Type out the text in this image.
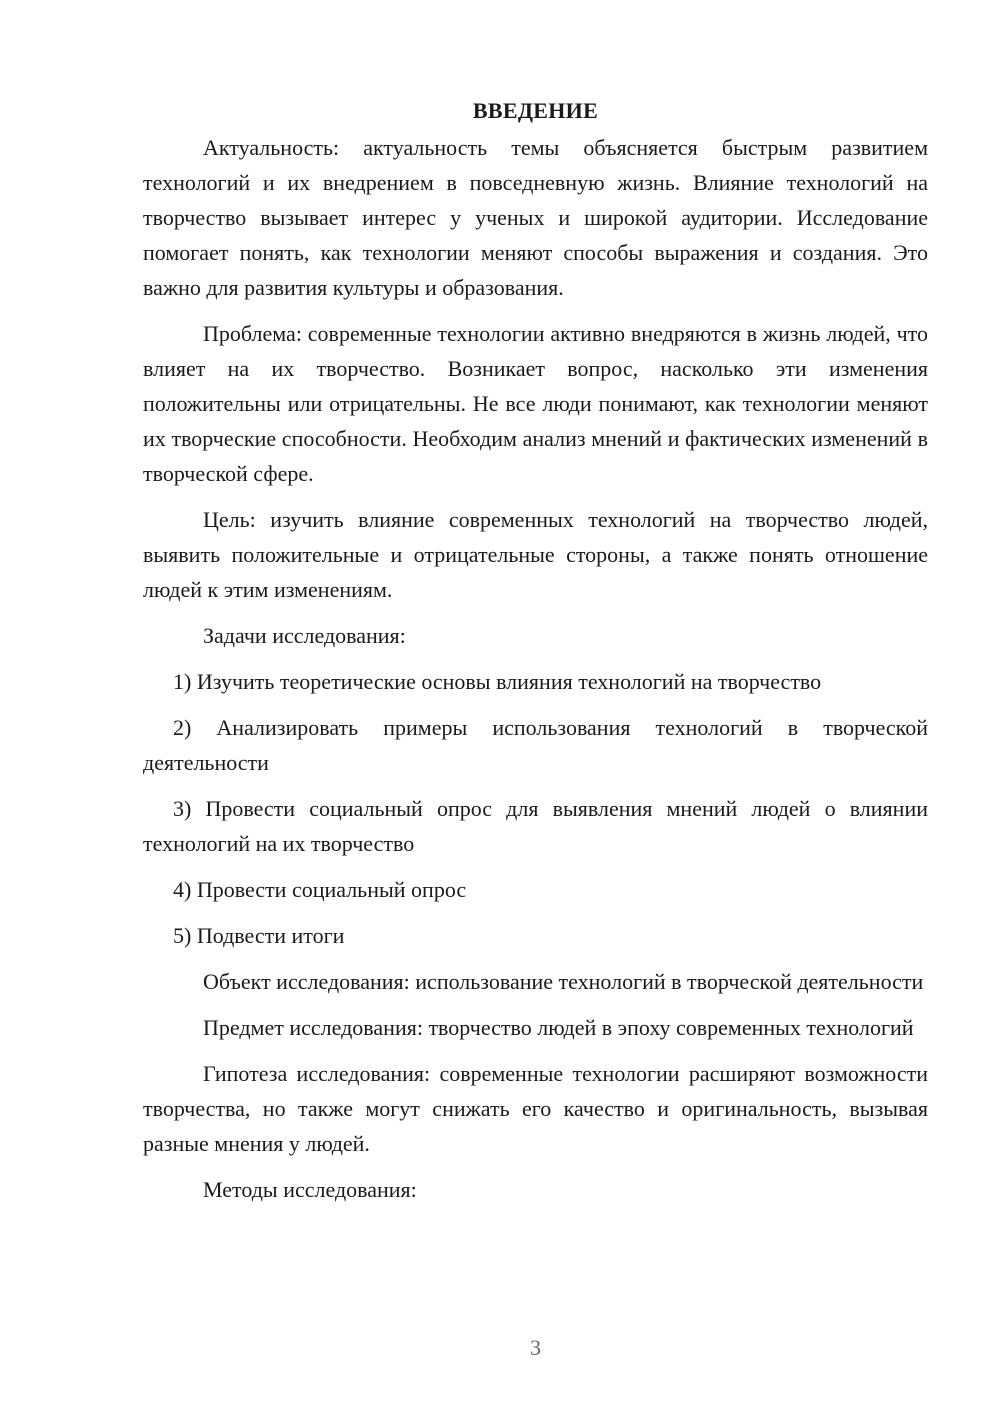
ВВЕДЕНИЕ

Актуальность: актуальность темы объясняется быстрым развитием технологий и их внедрением в повседневную жизнь. Влияние технологий на творчество вызывает интерес у ученых и широкой аудитории. Исследование помогает понять, как технологии меняют способы выражения и создания. Это важно для развития культуры и образования.

Проблема: современные технологии активно внедряются в жизнь людей, что влияет на их творчество. Возникает вопрос, насколько эти изменения положительны или отрицательны. Не все люди понимают, как технологии меняют их творческие способности. Необходим анализ мнений и фактических изменений в творческой сфере.

Цель: изучить влияние современных технологий на творчество людей, выявить положительные и отрицательные стороны, а также понять отношение людей к этим изменениям.

Задачи исследования:

1) Изучить теоретические основы влияния технологий на творчество

2) Анализировать примеры использования технологий в творческой деятельности

3) Провести социальный опрос для выявления мнений людей о влиянии технологий на их творчество

4) Провести социальный опрос

5) Подвести итоги

Объект исследования: использование технологий в творческой деятельности

Предмет исследования: творчество людей в эпоху современных технологий

Гипотеза исследования: современные технологии расширяют возможности творчества, но также могут снижать его качество и оригинальность, вызывая разные мнения у людей.

Методы исследования:

3
